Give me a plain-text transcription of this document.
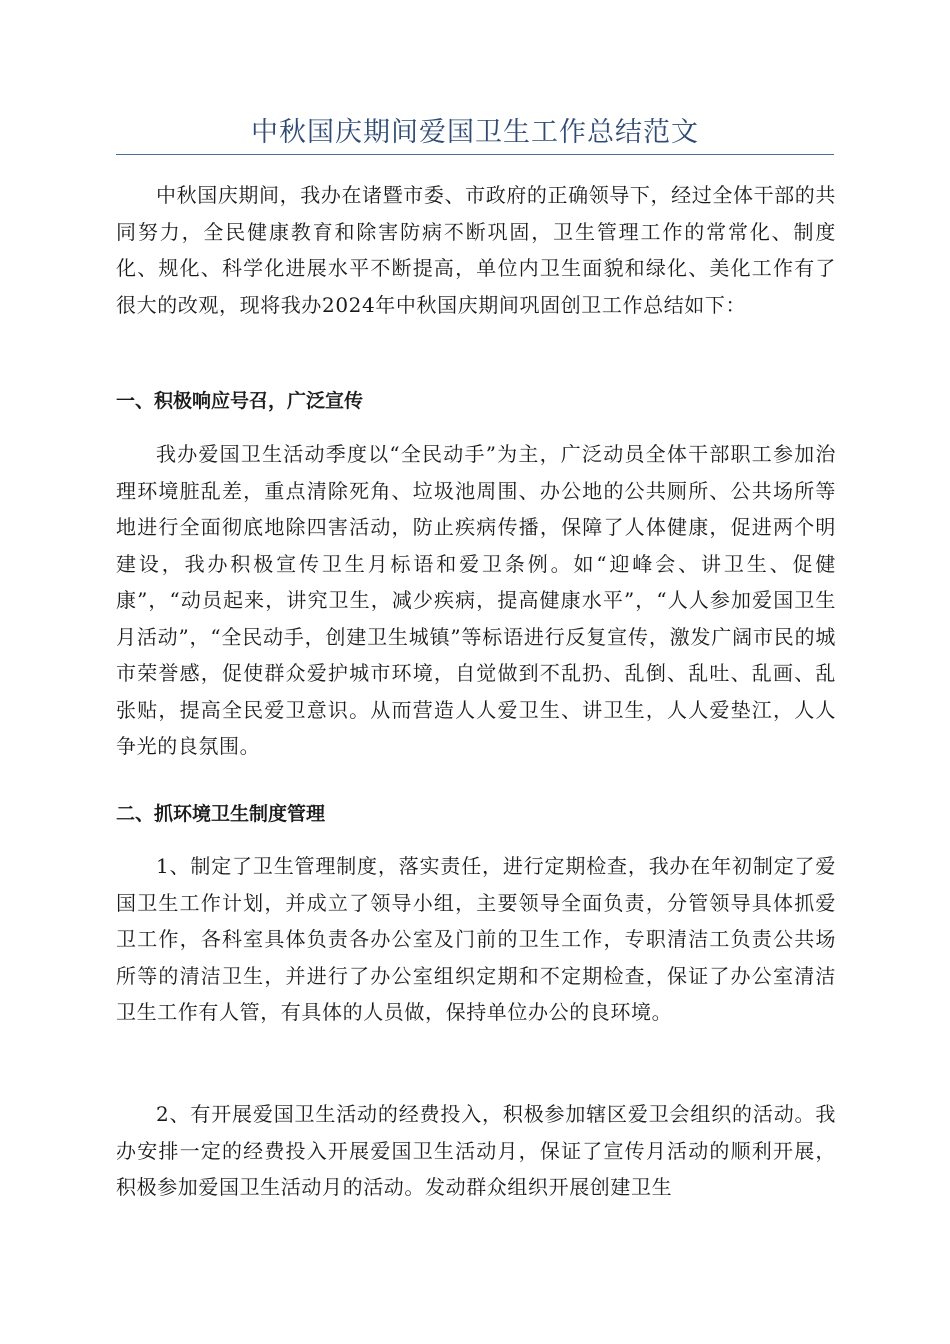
中秋国庆期间爱国卫生工作总结范文

中秋国庆期间，我办在诸暨市委、市政府的正确领导下，经过全体干部的共同努力，全民健康教育和除害防病不断巩固，卫生管理工作的常常化、制度化、规化、科学化进展水平不断提高，单位内卫生面貌和绿化、美化工作有了很大的改观，现将我办2024年中秋国庆期间巩固创卫工作总结如下：

一、积极响应号召，广泛宣传

我办爱国卫生活动季度以“全民动手”为主，广泛动员全体干部职工参加治理环境脏乱差，重点清除死角、垃圾池周围、办公地的公共厕所、公共场所等地进行全面彻底地除四害活动，防止疾病传播，保障了人体健康，促进两个明建设，我办积极宣传卫生月标语和爱卫条例。如“迎峰会、讲卫生、促健康”，“动员起来，讲究卫生，减少疾病，提高健康水平”，“人人参加爱国卫生月活动”，“全民动手，创建卫生城镇”等标语进行反复宣传，激发广阔市民的城市荣誉感，促使群众爱护城市环境，自觉做到不乱扔、乱倒、乱吐、乱画、乱张贴，提高全民爱卫意识。从而营造人人爱卫生、讲卫生，人人爱垫江，人人争光的良氛围。

二、抓环境卫生制度管理

1、制定了卫生管理制度，落实责任，进行定期检查，我办在年初制定了爱国卫生工作计划，并成立了领导小组，主要领导全面负责，分管领导具体抓爱卫工作，各科室具体负责各办公室及门前的卫生工作，专职清洁工负责公共场所等的清洁卫生，并进行了办公室组织定期和不定期检查，保证了办公室清洁卫生工作有人管，有具体的人员做，保持单位办公的良环境。

2、有开展爱国卫生活动的经费投入，积极参加辖区爱卫会组织的活动。我办安排一定的经费投入开展爱国卫生活动月，保证了宣传月活动的顺利开展，积极参加爱国卫生活动月的活动。发动群众组织开展创建卫生
